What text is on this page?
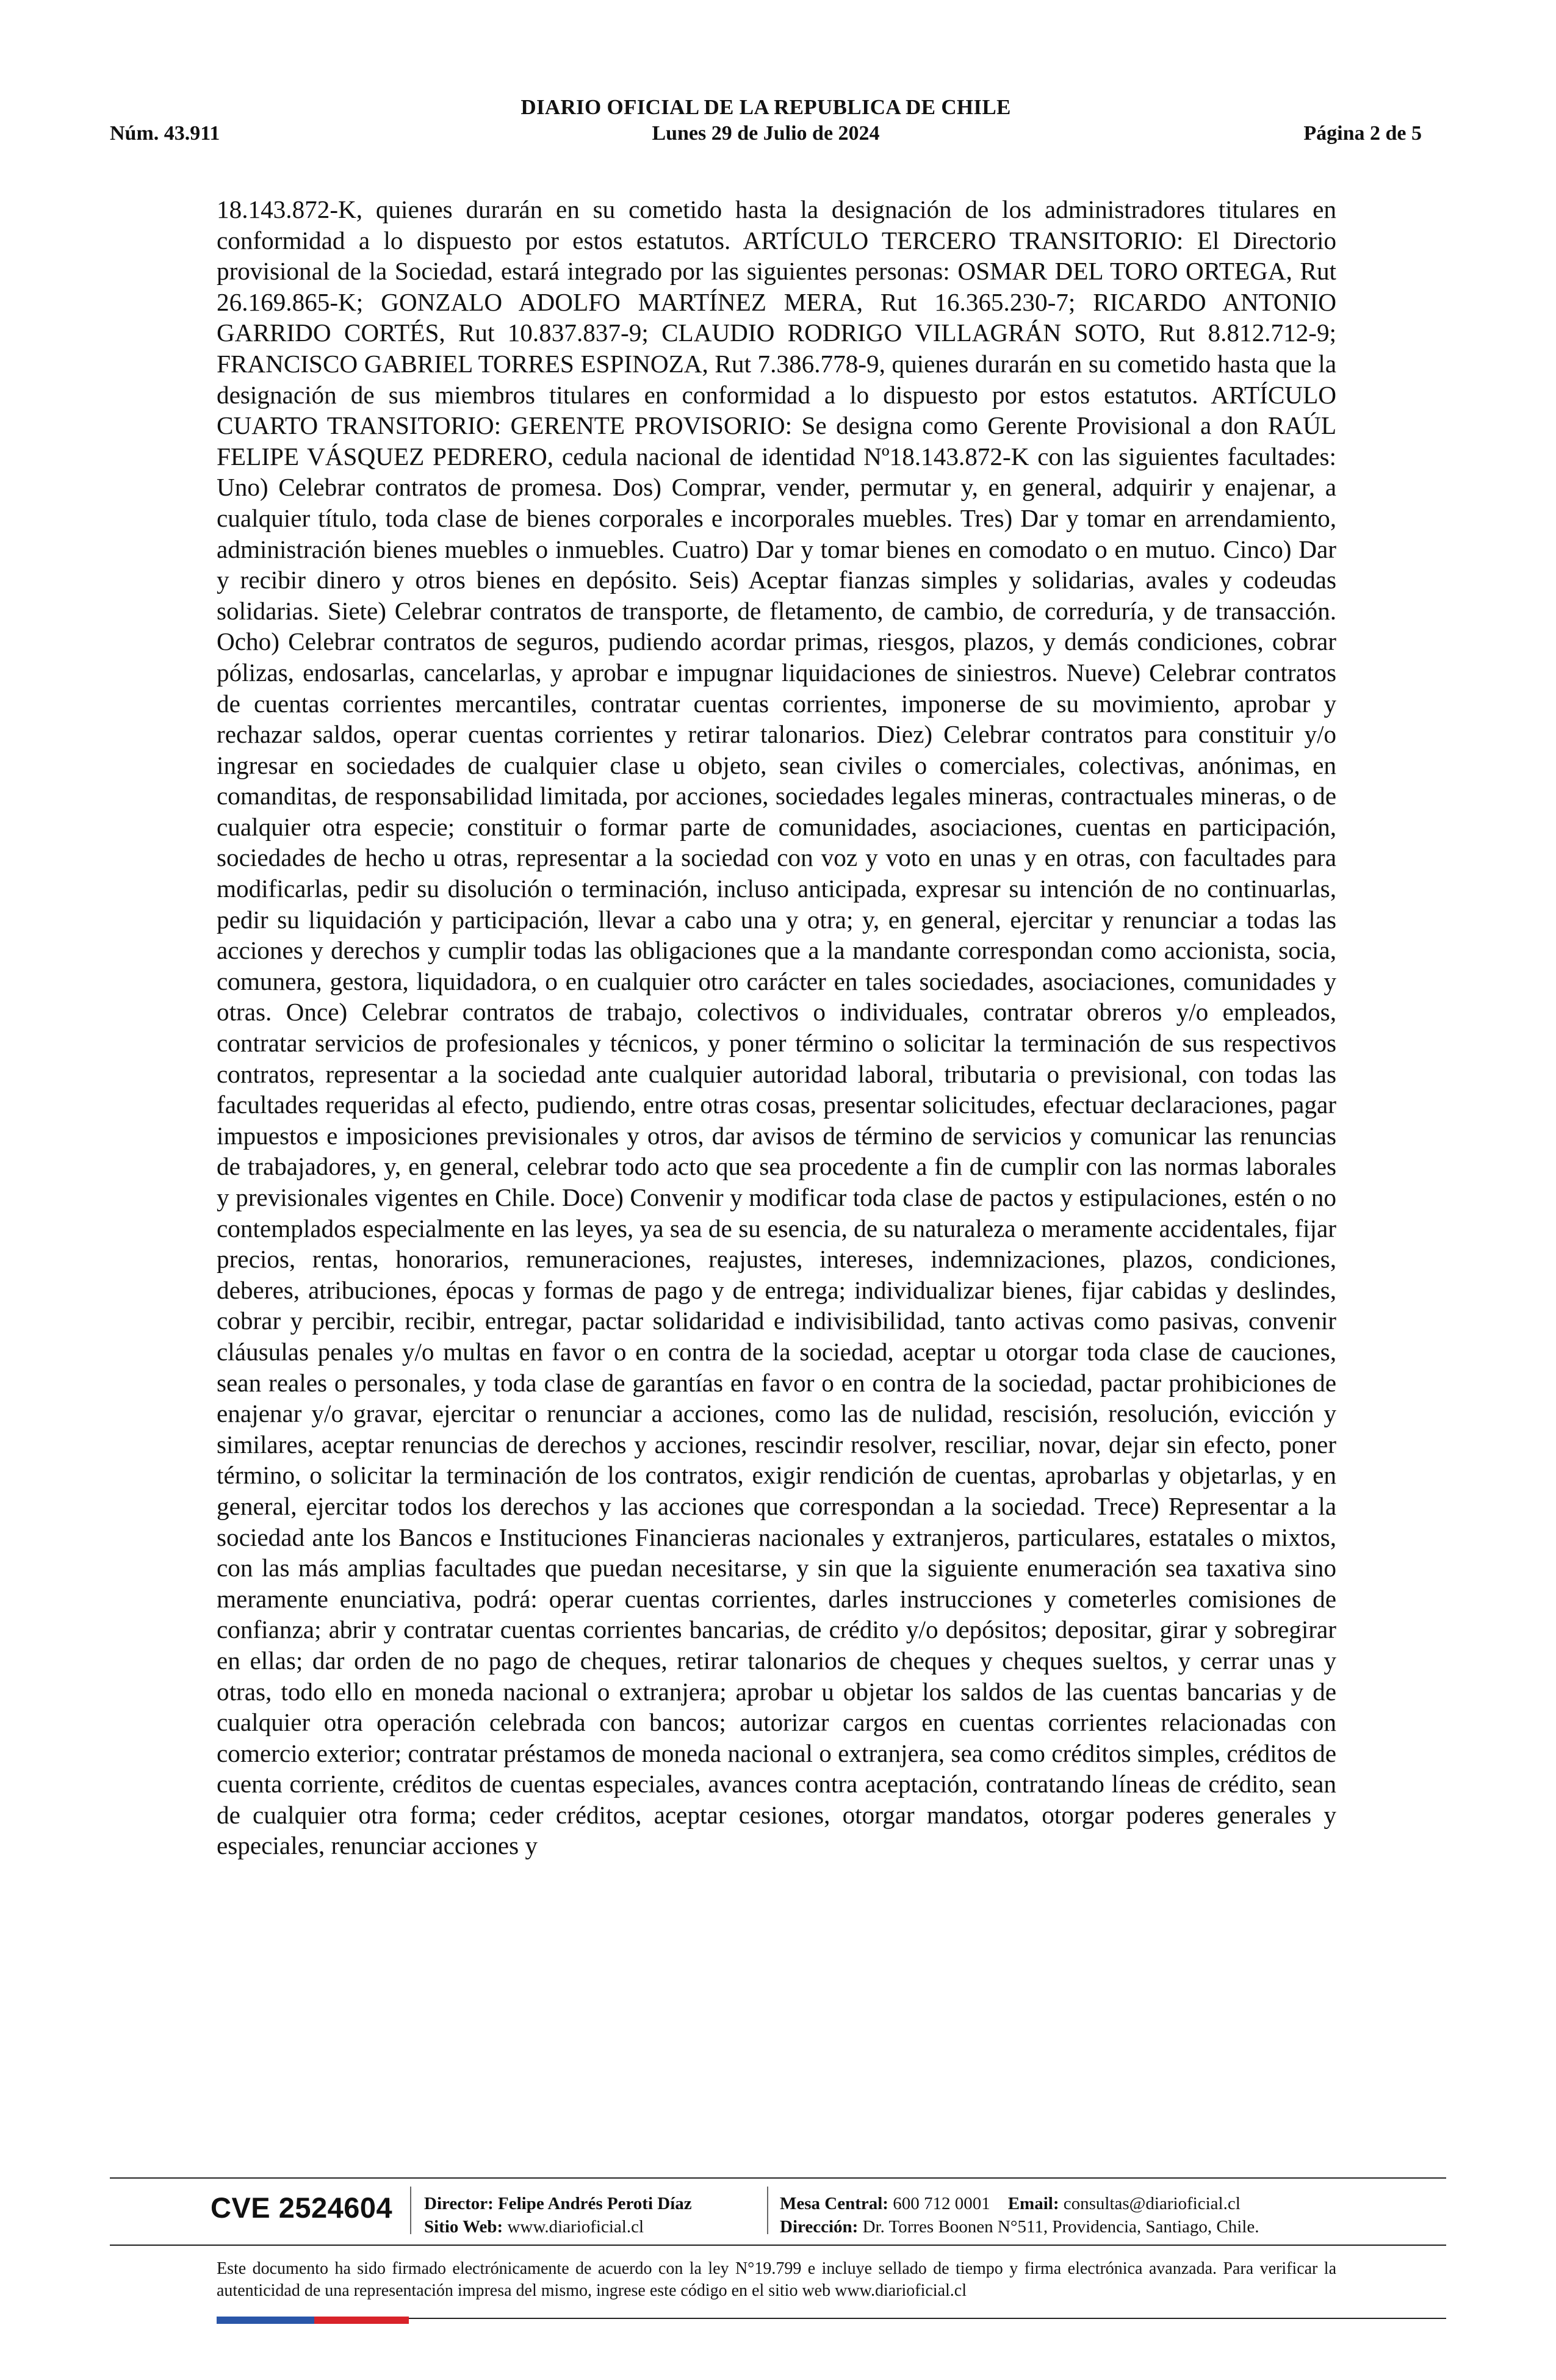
DIARIO OFICIAL DE LA REPUBLICA DE CHILE
Núm. 43.911	Lunes 29 de Julio de 2024	Página 2 de 5

18.143.872-K, quienes durarán en su cometido hasta la designación de los administradores titulares en conformidad a lo dispuesto por estos estatutos. ARTÍCULO TERCERO TRANSITORIO: El Directorio provisional de la Sociedad, estará integrado por las siguientes personas: OSMAR DEL TORO ORTEGA, Rut 26.169.865-K; GONZALO ADOLFO MARTÍNEZ MERA, Rut 16.365.230-7; RICARDO ANTONIO GARRIDO CORTÉS, Rut 10.837.837-9; CLAUDIO RODRIGO VILLAGRÁN SOTO, Rut 8.812.712-9; FRANCISCO GABRIEL TORRES ESPINOZA, Rut 7.386.778-9, quienes durarán en su cometido hasta que la designación de sus miembros titulares en conformidad a lo dispuesto por estos estatutos. ARTÍCULO CUARTO TRANSITORIO: GERENTE PROVISORIO: Se designa como Gerente Provisional a don RAÚL FELIPE VÁSQUEZ PEDRERO, cedula nacional de identidad Nº18.143.872-K con las siguientes facultades: Uno) Celebrar contratos de promesa. Dos) Comprar, vender, permutar y, en general, adquirir y enajenar, a cualquier título, toda clase de bienes corporales e incorporales muebles. Tres) Dar y tomar en arrendamiento, administración bienes muebles o inmuebles. Cuatro) Dar y tomar bienes en comodato o en mutuo. Cinco) Dar y recibir dinero y otros bienes en depósito. Seis) Aceptar fianzas simples y solidarias, avales y codeudas solidarias. Siete) Celebrar contratos de transporte, de fletamento, de cambio, de correduría, y de transacción. Ocho) Celebrar contratos de seguros, pudiendo acordar primas, riesgos, plazos, y demás condiciones, cobrar pólizas, endosarlas, cancelarlas, y aprobar e impugnar liquidaciones de siniestros. Nueve) Celebrar contratos de cuentas corrientes mercantiles, contratar cuentas corrientes, imponerse de su movimiento, aprobar y rechazar saldos, operar cuentas corrientes y retirar talonarios. Diez) Celebrar contratos para constituir y/o ingresar en sociedades de cualquier clase u objeto, sean civiles o comerciales, colectivas, anónimas, en comanditas, de responsabilidad limitada, por acciones, sociedades legales mineras, contractuales mineras, o de cualquier otra especie; constituir o formar parte de comunidades, asociaciones, cuentas en participación, sociedades de hecho u otras, representar a la sociedad con voz y voto en unas y en otras, con facultades para modificarlas, pedir su disolución o terminación, incluso anticipada, expresar su intención de no continuarlas, pedir su liquidación y participación, llevar a cabo una y otra; y, en general, ejercitar y renunciar a todas las acciones y derechos y cumplir todas las obligaciones que a la mandante correspondan como accionista, socia, comunera, gestora, liquidadora, o en cualquier otro carácter en tales sociedades, asociaciones, comunidades y otras. Once) Celebrar contratos de trabajo, colectivos o individuales, contratar obreros y/o empleados, contratar servicios de profesionales y técnicos, y poner término o solicitar la terminación de sus respectivos contratos, representar a la sociedad ante cualquier autoridad laboral, tributaria o previsional, con todas las facultades requeridas al efecto, pudiendo, entre otras cosas, presentar solicitudes, efectuar declaraciones, pagar impuestos e imposiciones previsionales y otros, dar avisos de término de servicios y comunicar las renuncias de trabajadores, y, en general, celebrar todo acto que sea procedente a fin de cumplir con las normas laborales y previsionales vigentes en Chile. Doce) Convenir y modificar toda clase de pactos y estipulaciones, estén o no contemplados especialmente en las leyes, ya sea de su esencia, de su naturaleza o meramente accidentales, fijar precios, rentas, honorarios, remuneraciones, reajustes, intereses, indemnizaciones, plazos, condiciones, deberes, atribuciones, épocas y formas de pago y de entrega; individualizar bienes, fijar cabidas y deslindes, cobrar y percibir, recibir, entregar, pactar solidaridad e indivisibilidad, tanto activas como pasivas, convenir cláusulas penales y/o multas en favor o en contra de la sociedad, aceptar u otorgar toda clase de cauciones, sean reales o personales, y toda clase de garantías en favor o en contra de la sociedad, pactar prohibiciones de enajenar y/o gravar, ejercitar o renunciar a acciones, como las de nulidad, rescisión, resolución, evicción y similares, aceptar renuncias de derechos y acciones, rescindir resolver, resciliar, novar, dejar sin efecto, poner término, o solicitar la terminación de los contratos, exigir rendición de cuentas, aprobarlas y objetarlas, y en general, ejercitar todos los derechos y las acciones que correspondan a la sociedad. Trece) Representar a la sociedad ante los Bancos e Instituciones Financieras nacionales y extranjeros, particulares, estatales o mixtos, con las más amplias facultades que puedan necesitarse, y sin que la siguiente enumeración sea taxativa sino meramente enunciativa, podrá: operar cuentas corrientes, darles instrucciones y cometerles comisiones de confianza; abrir y contratar cuentas corrientes bancarias, de crédito y/o depósitos; depositar, girar y sobregirar en ellas; dar orden de no pago de cheques, retirar talonarios de cheques y cheques sueltos, y cerrar unas y otras, todo ello en moneda nacional o extranjera; aprobar u objetar los saldos de las cuentas bancarias y de cualquier otra operación celebrada con bancos; autorizar cargos en cuentas corrientes relacionadas con comercio exterior; contratar préstamos de moneda nacional o extranjera, sea como créditos simples, créditos de cuenta corriente, créditos de cuentas especiales, avances contra aceptación, contratando líneas de crédito, sean de cualquier otra forma; ceder créditos, aceptar cesiones, otorgar mandatos, otorgar poderes generales y especiales, renunciar acciones y

CVE 2524604 Director: Felipe Andrés Peroti Díaz
Sitio Web: www.diarioficial.cl
Mesa Central: 600 712 0001 Email: consultas@diarioficial.cl
Dirección: Dr. Torres Boonen N°511, Providencia, Santiago, Chile.
Este documento ha sido firmado electrónicamente de acuerdo con la ley N°19.799 e incluye sellado de tiempo y firma electrónica avanzada. Para verificar la autenticidad de una representación impresa del mismo, ingrese este código en el sitio web www.diarioficial.cl
